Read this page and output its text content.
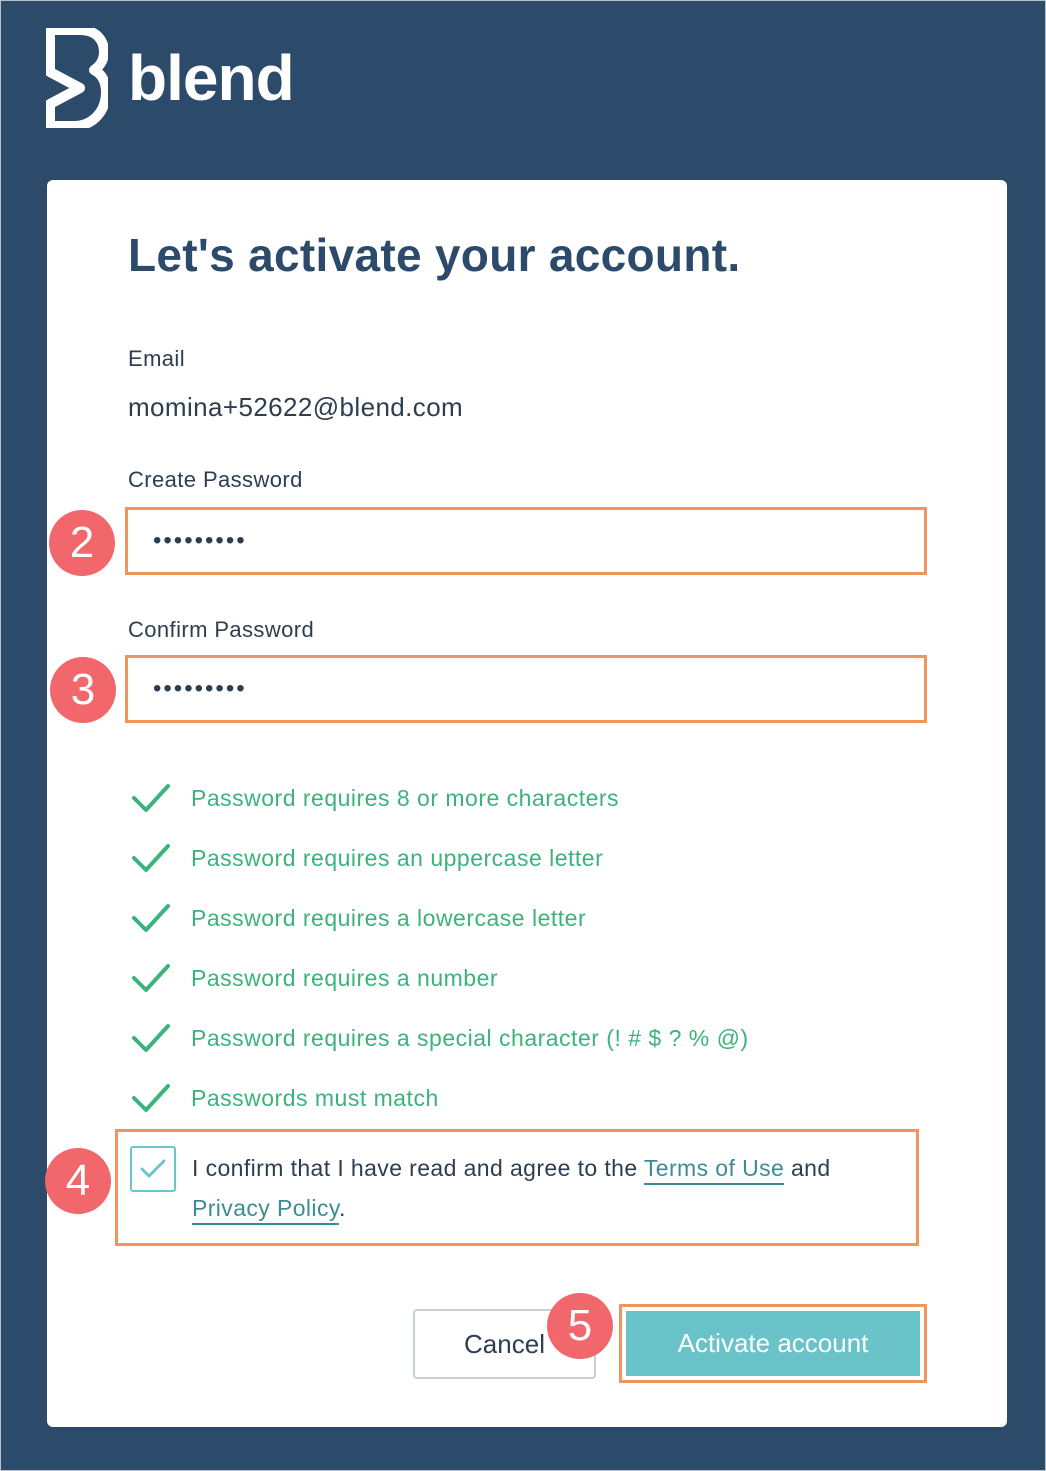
blend
Let's activate your account.
Email
momina+52622@blend.com
Create Password
•••••••••
Confirm Password
•••••••••
Password requires 8 or more characters
Password requires an uppercase letter
Password requires a lowercase letter
Password requires a number
Password requires a special character (! # $ ? % @)
Passwords must match
I confirm that I have read and agree to the Terms of Use and Privacy Policy.
Cancel	Activate account
2
3
4
5
